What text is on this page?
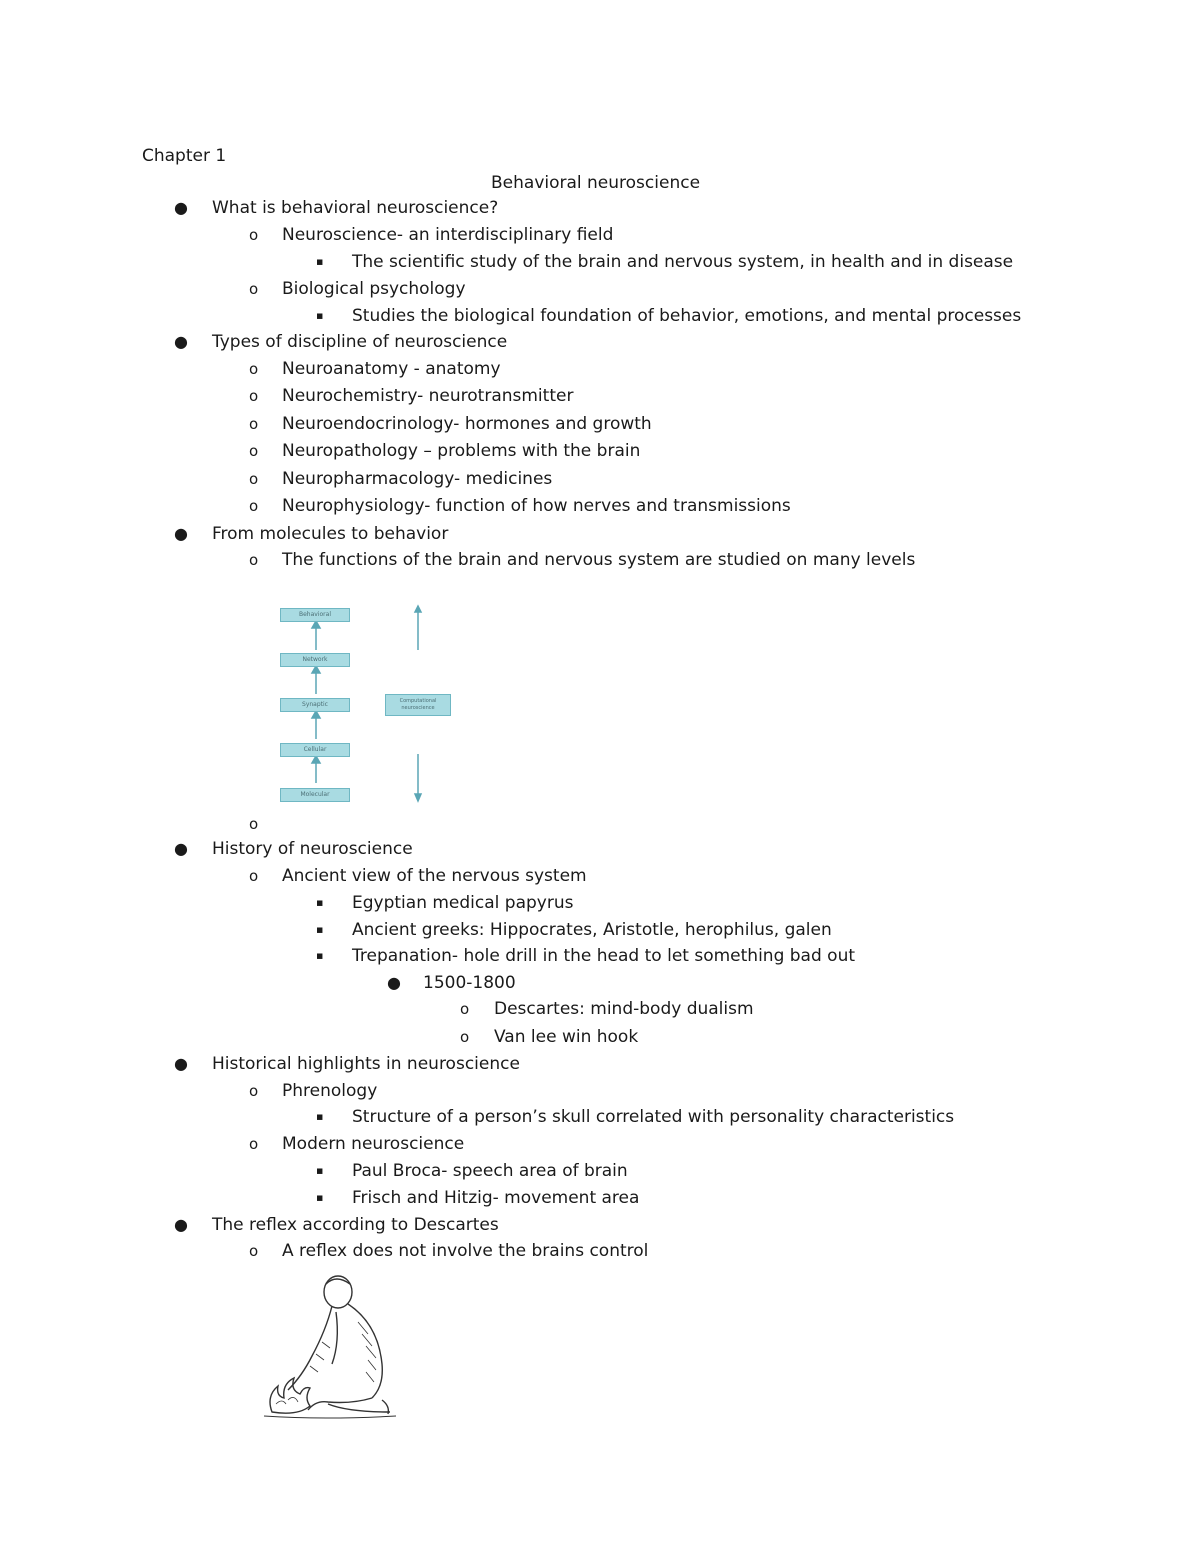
Chapter 1
Behavioral neuroscience
● What is behavioral neuroscience?
o Neuroscience- an interdisciplinary field
▪ The scientific study of the brain and nervous system, in health and in disease
o Biological psychology
▪ Studies the biological foundation of behavior, emotions, and mental processes
● Types of discipline of neuroscience
o Neuroanatomy - anatomy
o Neurochemistry- neurotransmitter
o Neuroendocrinology- hormones and growth
o Neuropathology – problems with the brain
o Neuropharmacology- medicines
o Neurophysiology- function of how nerves and transmissions
● From molecules to behavior
o The functions of the brain and nervous system are studied on many levels
Behavioral
Network
Synaptic
Cellular
Molecular
Computational neuroscience
o
● History of neuroscience
o Ancient view of the nervous system
▪ Egyptian medical papyrus
▪ Ancient greeks: Hippocrates, Aristotle, herophilus, galen
▪ Trepanation- hole drill in the head to let something bad out
● 1500-1800
o Descartes: mind-body dualism
o Van lee win hook
● Historical highlights in neuroscience
o Phrenology
▪ Structure of a person’s skull correlated with personality characteristics
o Modern neuroscience
▪ Paul Broca- speech area of brain
▪ Frisch and Hitzig- movement area
● The reflex according to Descartes
o A reflex does not involve the brains control
